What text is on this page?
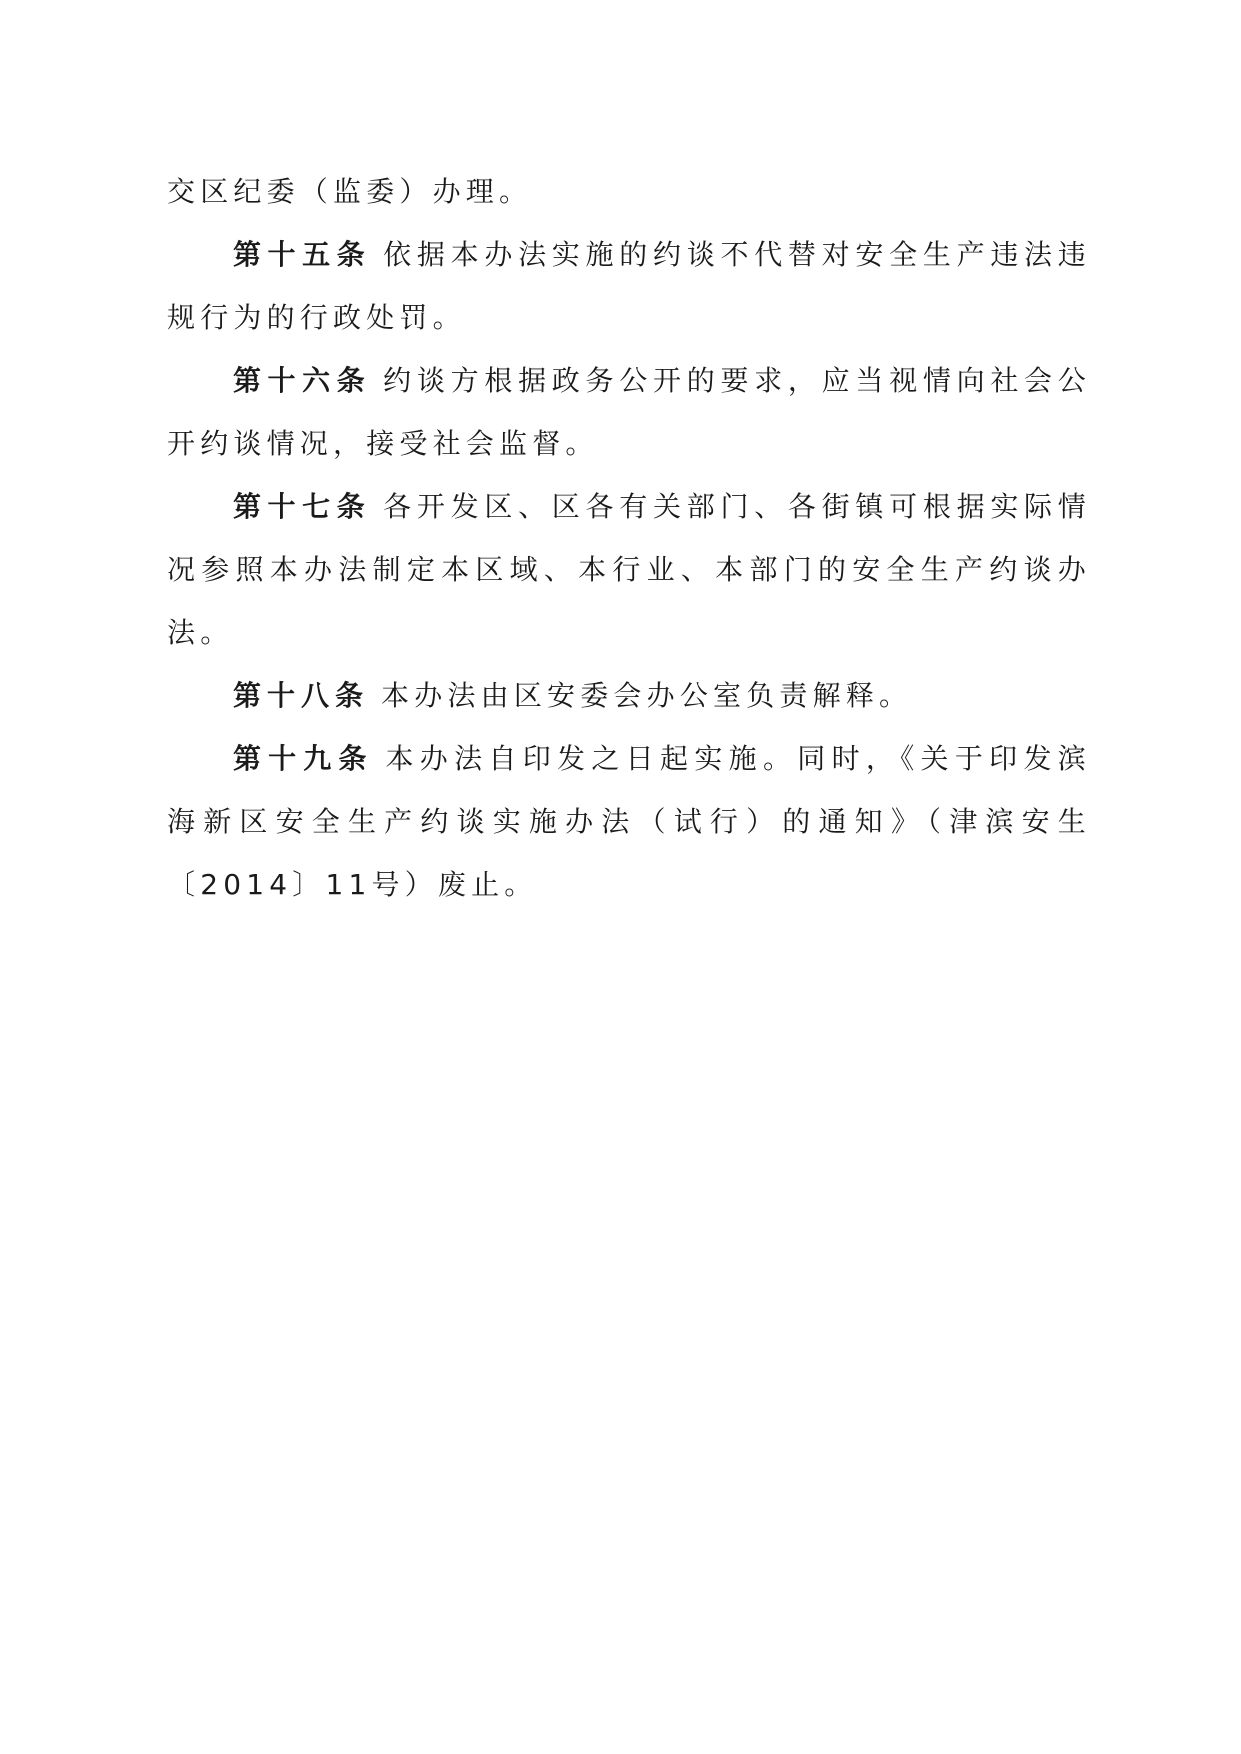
交区纪委（监委）办理。

第十五条 依据本办法实施的约谈不代替对安全生产违法违规行为的行政处罚。

第十六条 约谈方根据政务公开的要求，应当视情向社会公开约谈情况，接受社会监督。

第十七条 各开发区、区各有关部门、各街镇可根据实际情况参照本办法制定本区域、本行业、本部门的安全生产约谈办法。

第十八条 本办法由区安委会办公室负责解释。

第十九条 本办法自印发之日起实施。同时，《关于印发滨海新区安全生产约谈实施办法（试行）的通知》（津滨安生〔2014〕11号）废止。
